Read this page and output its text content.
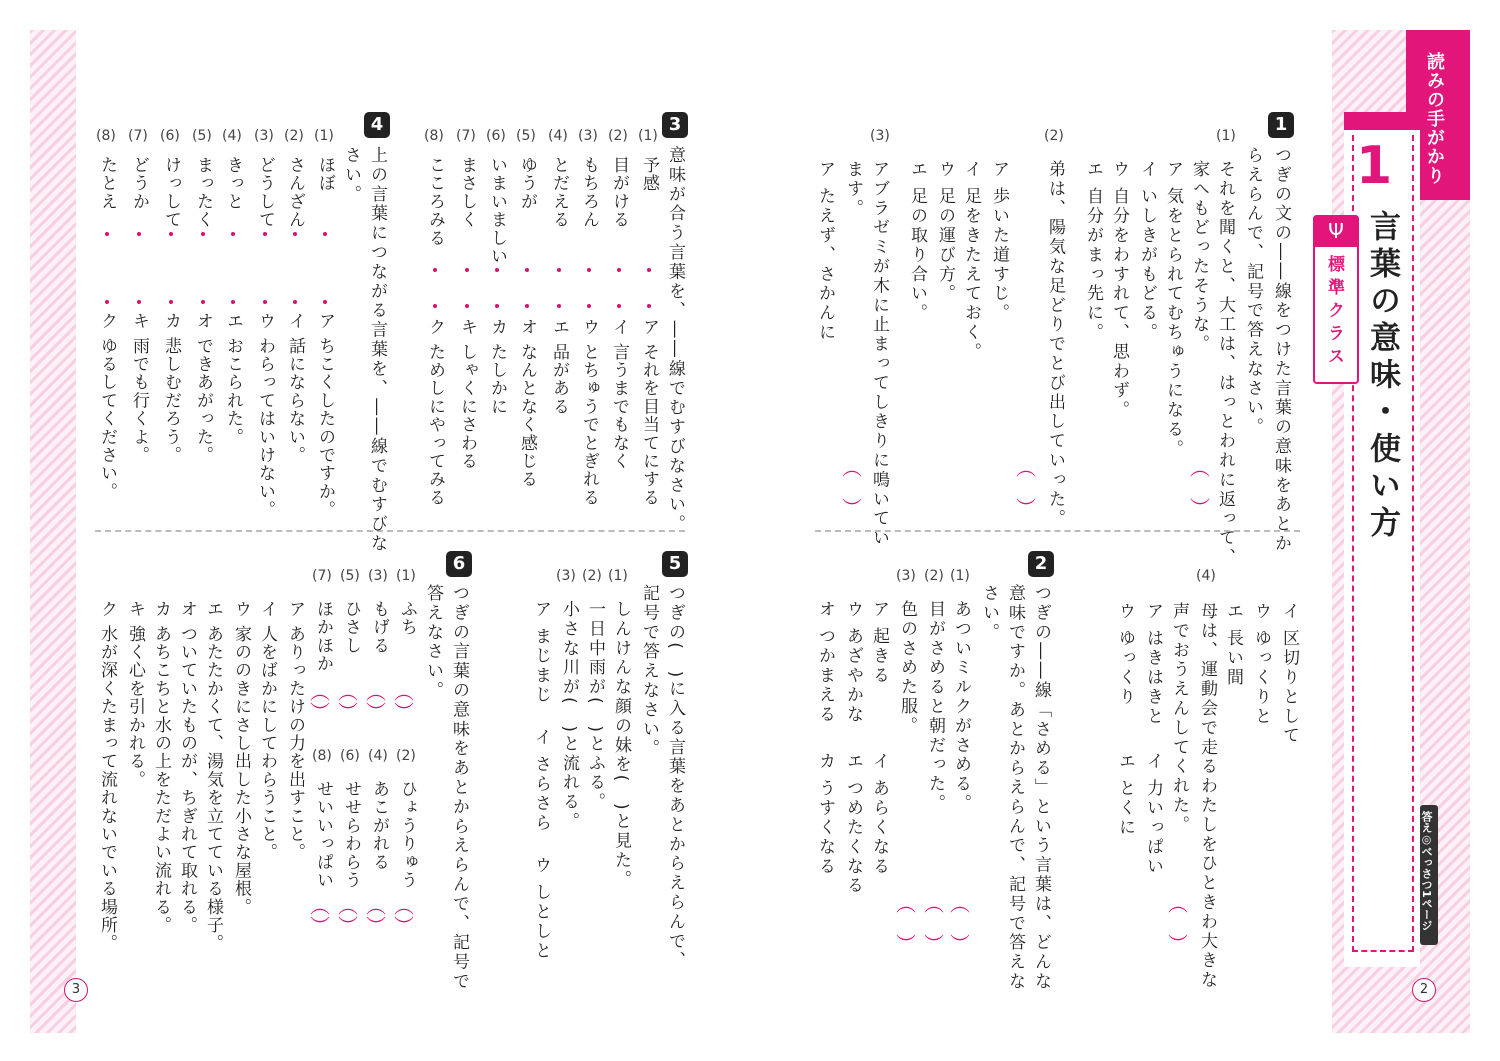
読みの手がかり
1
言葉の意味・使い方
Ψ
標準クラス
答え◎べっさつ1ページ
1
つぎの文の――線をつけた言葉の意味をあとか
らえらんで、記号で答えなさい。
(1)
それを聞くと、大工は、はっとわれに返って、
家へもどったそうな。
ア 気をとられてむちゅうになる。
イ いしきがもどる。
ウ 自分をわすれて、思わず。
エ 自分がまっ先に。
︵

︶
(2)
弟は、陽気な足どりでとび出していった。
ア 歩いた道すじ。
イ 足をきたえておく。
ウ 足の運び方。
エ 足の取り合い。
︵

︶
(3)
アブラゼミが木に止まってしきりに鳴いてい
ます。
ア たえず、さかんに
︵

︶
イ 区切りとして
ウ ゆっくりと
エ 長い間
(4)
母は、運動会で走るわたしをひときわ大きな
声でおうえんしてくれた。
ア はきはきと
イ 力いっぱい
ウ ゆっくり
エ とくに
︵

︶
2
つぎの――線「さめる」という言葉は、どんな
意味ですか。あとからえらんで、記号で答えな
さい。
(1)
あついミルクがさめる。
(2)
目がさめると朝だった。
(3)
色のさめた服。
︵

︶
︵

︶
︵

︶
ア 起きる
イ あらくなる
ウ あざやかな
エ つめたくなる
オ つかまえる
カ うすくなる
3
意味が合う言葉を、――線でむすびなさい。
(1)
予感
(2)
目がける
(3)
もちろん
(4)
とだえる
(5)
ゆうが
(6)
いまいましい
(7)
まさしく
(8)
こころみる
ア それを目当てにする
イ 言うまでもなく
ウ とちゅうでとぎれる
エ 品がある
オ なんとなく感じる
カ たしかに
キ しゃくにさわる
ク ためしにやってみる
4
上の言葉につながる言葉を、――線でむすびな
さい。
(1)
ほぼ
(2)
さんざん
(3)
どうして
(4)
きっと
(5)
まったく
(6)
けっして
(7)
どうか
(8)
たとえ
ア ちこくしたのですか。
イ 話にならない。
ウ わらってはいけない。
エ おこられた。
オ できあがった。
カ 悲しむだろう。
キ 雨でも行くよ。
ク ゆるしてください。
5
つぎの(　)に入る言葉をあとからえらんで、
記号で答えなさい。
(1)
しんけんな顔の妹を(　)と見た。
(2)
一日中雨が(　)とふる。
(3)
小さな川が(　)と流れる。
ア まじまじ
イ さらさら
ウ しとしと
6
つぎの言葉の意味をあとからえらんで、記号で
答えなさい。
(1)
ふち
(3)
もげる
(5)
ひさし
(7)
ほかほか
︵
︶
︵
︶
︵
︶
︵
︶
(2)
ひょうりゅう
(4)
あこがれる
(6)
せせらわらう
(8)
せいいっぱい
︵
︶
︵
︶
︵
︶
︵
︶
ア ありったけの力を出すこと。
イ 人をばかにしてわらうこと。
ウ 家ののきにさし出した小さな屋根。
エ あたたかくて、湯気を立てている様子。
オ ついていたものが、ちぎれて取れる。
カ あちこちと水の上をただよい流れる。
キ 強く心を引かれる。
ク 水が深くたまって流れないでいる場所。
3	2
